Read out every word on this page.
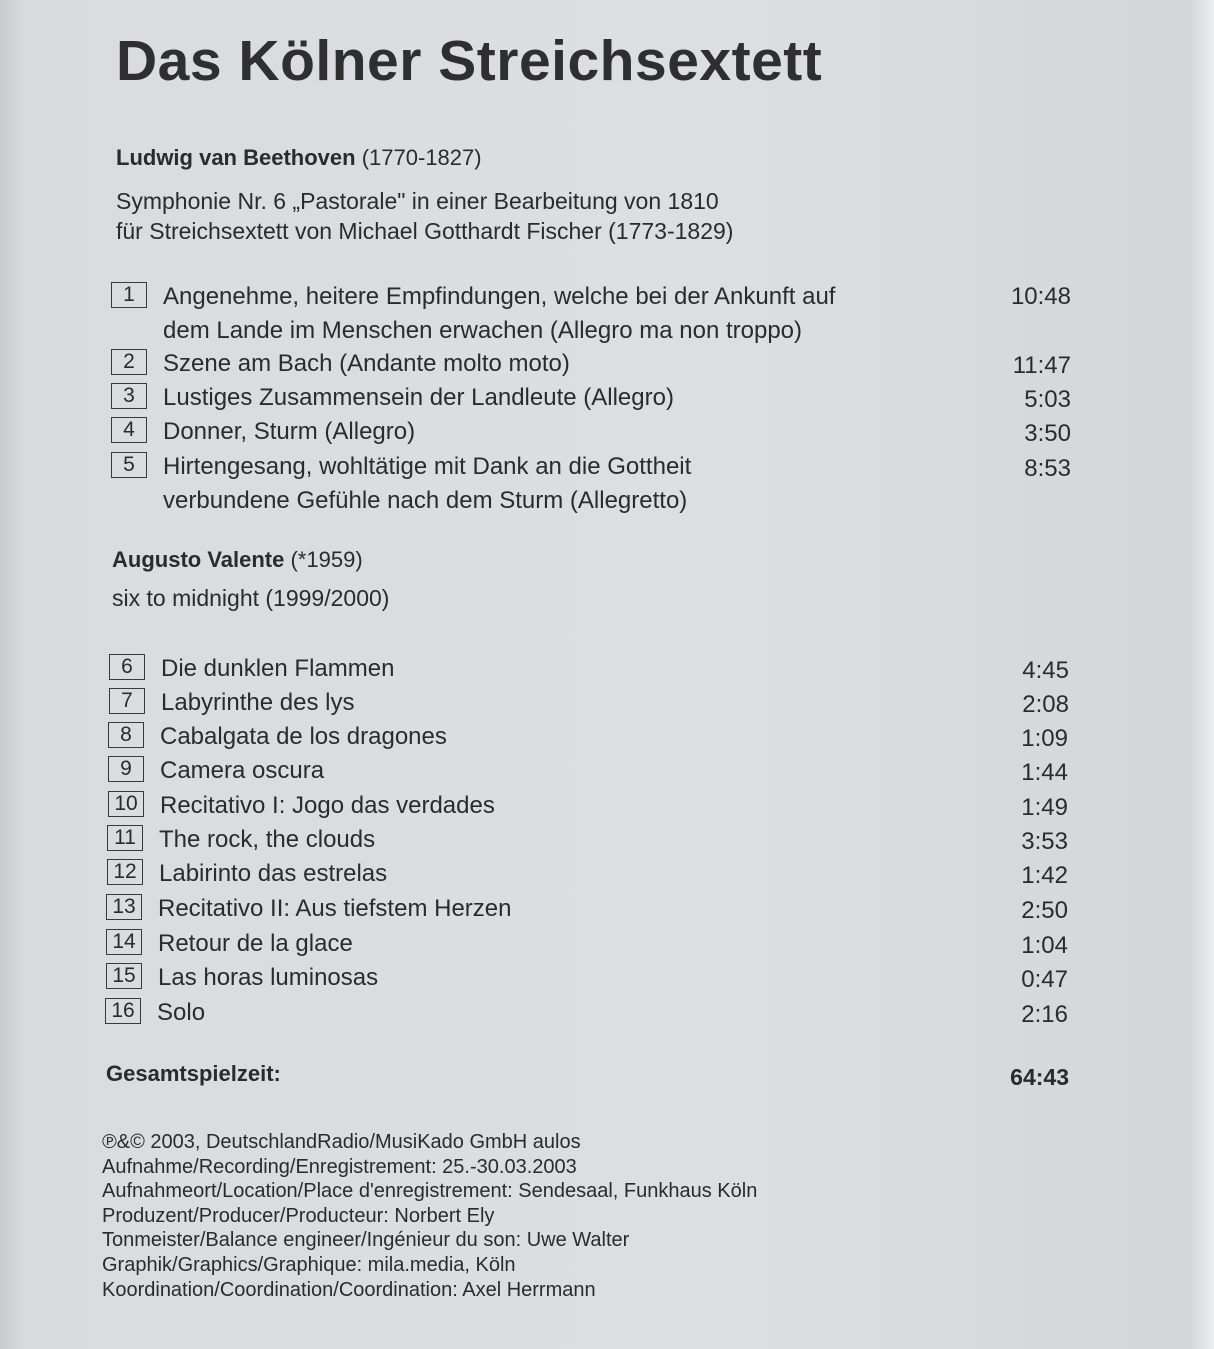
Das Kölner Streichsextett
Ludwig van Beethoven (1770-1827)
Symphonie Nr. 6 „Pastorale" in einer Bearbeitung von 1810
für Streichsextett von Michael Gotthardt Fischer (1773-1829)
1	Angenehme, heitere Empfindungen, welche bei der Ankunft auf
dem Lande im Menschen erwachen (Allegro ma non troppo)
10:48
2	Szene am Bach (Andante molto moto)	11:47
3	Lustiges Zusammensein der Landleute (Allegro)	5:03
4	Donner, Sturm (Allegro)	3:50
5	Hirtengesang, wohltätige mit Dank an die Gottheit
verbundene Gefühle nach dem Sturm (Allegretto)
8:53
Augusto Valente (*1959)
six to midnight (1999/2000)
6	Die dunklen Flammen	4:45
7	Labyrinthe des lys	2:08
8	Cabalgata de los dragones	1:09
9	Camera oscura	1:44
10 Recitativo I: Jogo das verdades	1:49
11 The rock, the clouds	3:53
12 Labirinto das estrelas	1:42
13 Recitativo II: Aus tiefstem Herzen	2:50
14 Retour de la glace	1:04
15 Las horas luminosas	0:47
16 Solo	2:16
Gesamtspielzeit:	64:43
℗&© 2003, DeutschlandRadio/MusiKado GmbH aulos
Aufnahme/Recording/Enregistrement: 25.-30.03.2003
Aufnahmeort/Location/Place d'enregistrement: Sendesaal, Funkhaus Köln
Produzent/Producer/Producteur: Norbert Ely
Tonmeister/Balance engineer/Ingénieur du son: Uwe Walter
Graphik/Graphics/Graphique: mila.media, Köln
Koordination/Coordination/Coordination: Axel Herrmann
